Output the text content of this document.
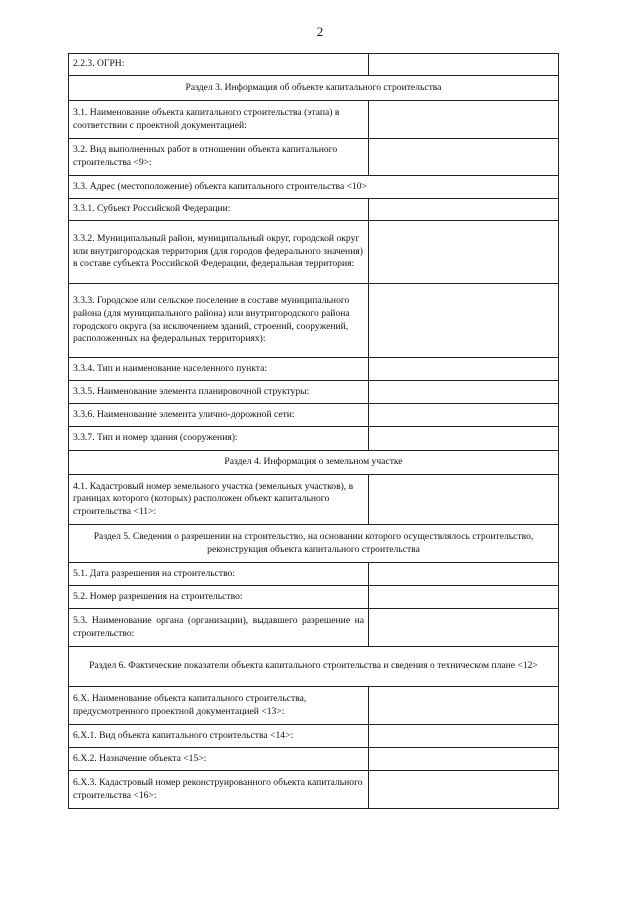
2
2.2.3. ОГРН:	
Раздел 3. Информация об объекте капитального строительства	
3.1. Наименование объекта капитального строительства (этапа) в соответствии с проектной документацией:	
3.2. Вид выполненных работ в отношении объекта капитального строительства <9>:	
3.3. Адрес (местоположение) объекта капитального строительства <10>	
3.3.1. Субъект Российской Федерации:	
3.3.2. Муниципальный район, муниципальный округ, городской округ или внутригородская территория (для городов федерального значения) в составе субъекта Российской Федерации, федеральная территория:	
3.3.3. Городское или сельское поселение в составе муниципального района (для муниципального района) или внутригородского района городского округа (за исключением зданий, строений, сооружений, расположенных на федеральных территориях):	
3.3.4. Тип и наименование населенного пункта:	
3.3.5. Наименование элемента планировочной структуры:	
3.3.6. Наименование элемента улично-дорожной сети:	
3.3.7. Тип и номер здания (сооружения):	
Раздел 4. Информация о земельном участке	
4.1. Кадастровый номер земельного участка (земельных участков), в границах которого (которых) расположен объект капитального строительства <11>:	
Раздел 5. Сведения о разрешении на строительство, на основании которого осуществлялось строительство, реконструкция объекта капитального строительства	
5.1. Дата разрешения на строительство:	
5.2. Номер разрешения на строительство:	
5.3. Наименование органа (организации), выдавшего разрешение на строительство:	
Раздел 6. Фактические показатели объекта капитального строительства и сведения о техническом плане <12>	
6.X. Наименование объекта капитального строительства, предусмотренного проектной документацией <13>:	
6.X.1. Вид объекта капитального строительства <14>:	
6.X.2. Назначение объекта <15>:	
6.X.3. Кадастровый номер реконструированного объекта капитального строительства <16>:	
